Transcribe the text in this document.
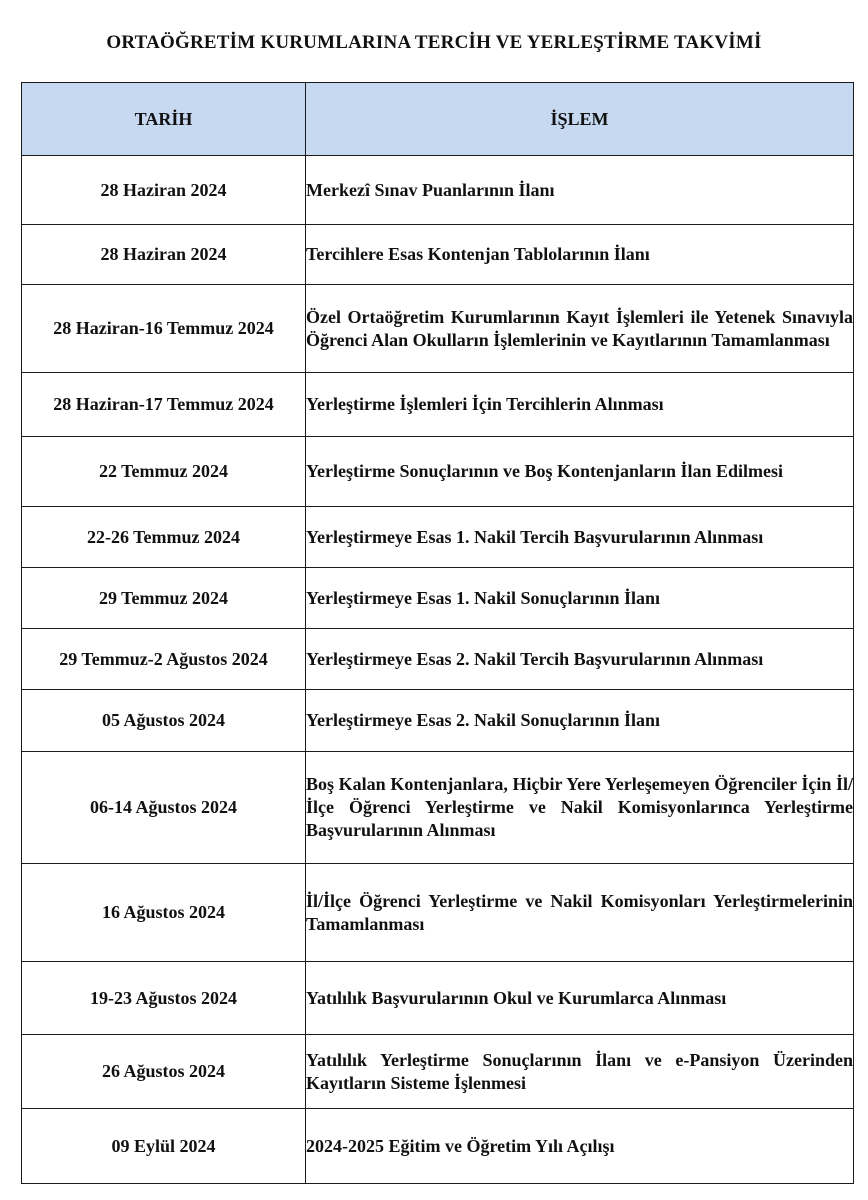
ORTAÖĞRETİM KURUMLARINA TERCİH VE YERLEŞTİRME TAKVİMİ
TARİH	İŞLEM
28 Haziran 2024	Merkezî Sınav Puanlarının İlanı
28 Haziran 2024	Tercihlere Esas Kontenjan Tablolarının İlanı
28 Haziran-16 Temmuz 2024	Özel Ortaöğretim Kurumlarının Kayıt İşlemleri ile Yetenek Sınavıyla Öğrenci Alan Okulların İşlemlerinin ve Kayıtlarının Tamamlanması
28 Haziran-17 Temmuz 2024	Yerleştirme İşlemleri İçin Tercihlerin Alınması
22 Temmuz 2024	Yerleştirme Sonuçlarının ve Boş Kontenjanların İlan Edilmesi
22-26 Temmuz 2024	Yerleştirmeye Esas 1. Nakil Tercih Başvurularının Alınması
29 Temmuz 2024	Yerleştirmeye Esas 1. Nakil Sonuçlarının İlanı
29 Temmuz-2 Ağustos 2024	Yerleştirmeye Esas 2. Nakil Tercih Başvurularının Alınması
05 Ağustos 2024	Yerleştirmeye Esas 2. Nakil Sonuçlarının İlanı
06-14 Ağustos 2024	Boş Kalan Kontenjanlara, Hiçbir Yere Yerleşemeyen Öğrenciler İçin İl/İlçe Öğrenci Yerleştirme ve Nakil Komisyonlarınca Yerleştirme Başvurularının Alınması
16 Ağustos 2024	İl/İlçe Öğrenci Yerleştirme ve Nakil Komisyonları Yerleştirmelerinin Tamamlanması
19-23 Ağustos 2024	Yatılılık Başvurularının Okul ve Kurumlarca Alınması
26 Ağustos 2024	Yatılılık Yerleştirme Sonuçlarının İlanı ve e-Pansiyon Üzerinden Kayıtların Sisteme İşlenmesi
09 Eylül 2024	2024-2025 Eğitim ve Öğretim Yılı Açılışı
